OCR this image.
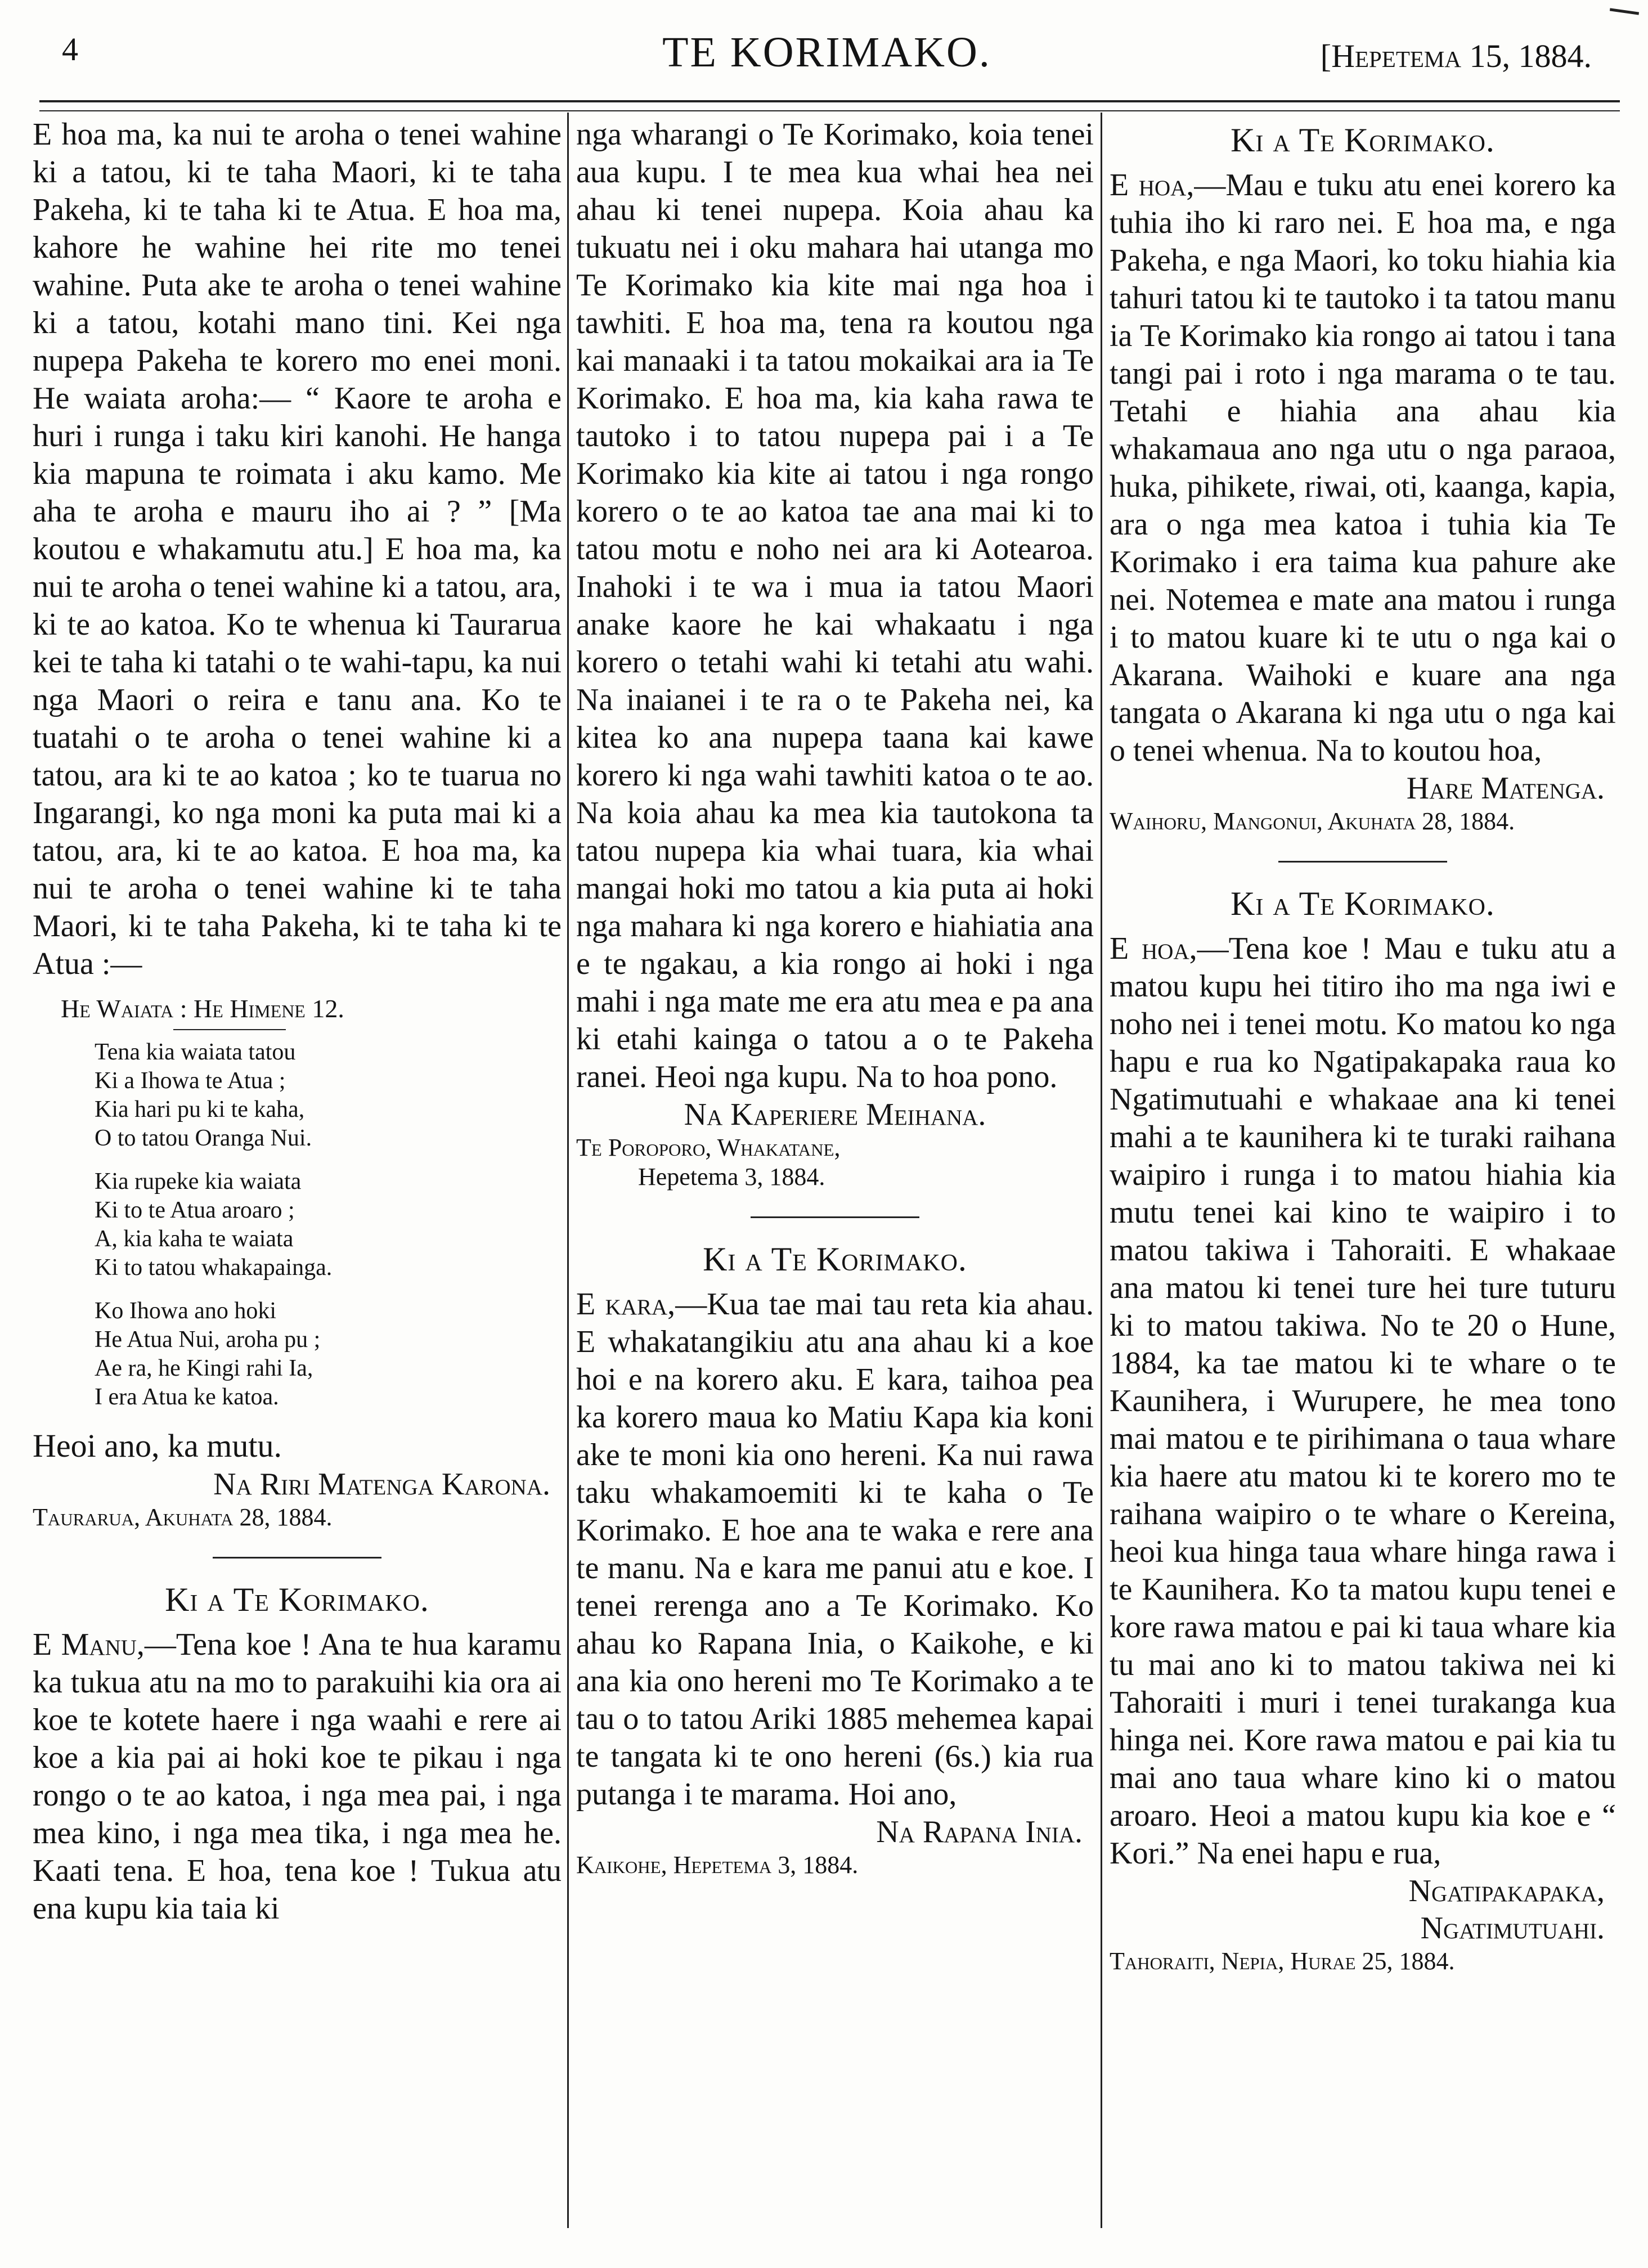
4	TE KORIMAKO.	[Hepetema 15, 1884.

E hoa ma, ka nui te aroha o tenei wahine ki a tatou, ki te taha Maori, ki te taha Pakeha, ki te taha ki te Atua. E hoa ma, kahore he wahine hei rite mo tenei wahine. Puta ake te aroha o tenei wahine ki a tatou, kotahi mano tini. Kei nga nupepa Pakeha te korero mo enei moni. He waiata aroha:— “ Kaore te aroha e huri i runga i taku kiri kanohi. He hanga kia mapuna te roimata i aku kamo. Me aha te aroha e mauru iho ai ? ” [Ma koutou e whakamutu atu.] E hoa ma, ka nui te aroha o tenei wahine ki a tatou, ara, ki te ao katoa. Ko te whenua ki Taurarua kei te taha ki tatahi o te wahi-tapu, ka nui nga Maori o reira e tanu ana. Ko te tuatahi o te aroha o tenei wahine ki a tatou, ara ki te ao katoa ; ko te tuarua no Ingarangi, ko nga moni ka puta mai ki a tatou, ara, ki te ao katoa. E hoa ma, ka nui te aroha o tenei wahine ki te taha Maori, ki te taha Pakeha, ki te taha ki te Atua :—

He Waiata : He Himene 12.
Tena kia waiata tatou
Ki a Ihowa te Atua ;
Kia hari pu ki te kaha,
O to tatou Oranga Nui.
Kia rupeke kia waiata
Ki to te Atua aroaro ;
A, kia kaha te waiata
Ki to tatou whakapainga.
Ko Ihowa ano hoki
He Atua Nui, aroha pu ;
Ae ra, he Kingi rahi Ia,
I era Atua ke katoa.

Heoi ano, ka mutu.

Na Riri Matenga Karona.
Taurarua, Akuhata 28, 1884.
Ki a Te Korimako.

E Manu,—Tena koe ! Ana te hua karamu ka tukua atu na mo to parakuihi kia ora ai koe te kotete haere i nga waahi e rere ai koe a kia pai ai hoki koe te pikau i nga rongo o te ao katoa, i nga mea pai, i nga mea kino, i nga mea tika, i nga mea he. Kaati tena. E hoa, tena koe ! Tukua atu ena kupu kia taia ki

nga wharangi o Te Korimako, koia tenei aua kupu. I te mea kua whai hea nei ahau ki tenei nupepa. Koia ahau ka tukuatu nei i oku mahara hai utanga mo Te Korimako kia kite mai nga hoa i tawhiti. E hoa ma, tena ra koutou nga kai manaaki i ta tatou mokaikai ara ia Te Korimako. E hoa ma, kia kaha rawa te tautoko i to tatou nupepa pai i a Te Korimako kia kite ai tatou i nga rongo korero o te ao katoa tae ana mai ki to tatou motu e noho nei ara ki Aotearoa. Inahoki i te wa i mua ia tatou Maori anake kaore he kai whakaatu i nga korero o tetahi wahi ki tetahi atu wahi. Na inaianei i te ra o te Pakeha nei, ka kitea ko ana nupepa taana kai kawe korero ki nga wahi tawhiti katoa o te ao. Na koia ahau ka mea kia tautokona ta tatou nupepa kia whai tuara, kia whai mangai hoki mo tatou a kia puta ai hoki nga mahara ki nga korero e hiahiatia ana e te ngakau, a kia rongo ai hoki i nga mahi i nga mate me era atu mea e pa ana ki etahi kainga o tatou a o te Pakeha ranei. Heoi nga kupu. Na to hoa pono.

Na Kaperiere Meihana.
Te Poroporo, Whakatane,
Hepetema 3, 1884.
Ki a Te Korimako.

E kara,—Kua tae mai tau reta kia ahau. E whakatangikiu atu ana ahau ki a koe hoi e na korero aku. E kara, taihoa pea ka korero maua ko Matiu Kapa kia koni ake te moni kia ono hereni. Ka nui rawa taku whakamoemiti ki te kaha o Te Korimako. E hoe ana te waka e rere ana te manu. Na e kara me panui atu e koe. I tenei rerenga ano a Te Korimako. Ko ahau ko Rapana Inia, o Kaikohe, e ki ana kia ono hereni mo Te Korimako a te tau o to tatou Ariki 1885 mehemea kapai te tangata ki te ono hereni (6s.) kia rua putanga i te marama. Hoi ano,

Na Rapana Inia.
Kaikohe, Hepetema 3, 1884.
Ki a Te Korimako.

E hoa,—Mau e tuku atu enei korero ka tuhia iho ki raro nei. E hoa ma, e nga Pakeha, e nga Maori, ko toku hiahia kia tahuri tatou ki te tautoko i ta tatou manu ia Te Korimako kia rongo ai tatou i tana tangi pai i roto i nga marama o te tau. Tetahi e hiahia ana ahau kia whakamaua ano nga utu o nga paraoa, huka, pihikete, riwai, oti, kaanga, kapia, ara o nga mea katoa i tuhia kia Te Korimako i era taima kua pahure ake nei. Notemea e mate ana matou i runga i to matou kuare ki te utu o nga kai o Akarana. Waihoki e kuare ana nga tangata o Akarana ki nga utu o nga kai o tenei whenua. Na to koutou hoa,

Hare Matenga.
Waihoru, Mangonui, Akuhata 28, 1884.
Ki a Te Korimako.

E hoa,—Tena koe ! Mau e tuku atu a matou kupu hei titiro iho ma nga iwi e noho nei i tenei motu. Ko matou ko nga hapu e rua ko Ngatipakapaka raua ko Ngatimutuahi e whakaae ana ki tenei mahi a te kaunihera ki te turaki raihana waipiro i runga i to matou hiahia kia mutu tenei kai kino te waipiro i to matou takiwa i Tahoraiti. E whakaae ana matou ki tenei ture hei ture tuturu ki to matou takiwa. No te 20 o Hune, 1884, ka tae matou ki te whare o te Kaunihera, i Wurupere, he mea tono mai matou e te pirihimana o taua whare kia haere atu matou ki te korero mo te raihana waipiro o te whare o Kereina, heoi kua hinga taua whare hinga rawa i te Kaunihera. Ko ta matou kupu tenei e kore rawa matou e pai ki taua whare kia tu mai ano ki to matou takiwa nei ki Tahoraiti i muri i tenei turakanga kua hinga nei. Kore rawa matou e pai kia tu mai ano taua whare kino ki o matou aroaro. Heoi a matou kupu kia koe e “ Kori.” Na enei hapu e rua,

Ngatipakapaka,
Ngatimutuahi.
Tahoraiti, Nepia, Hurae 25, 1884.
